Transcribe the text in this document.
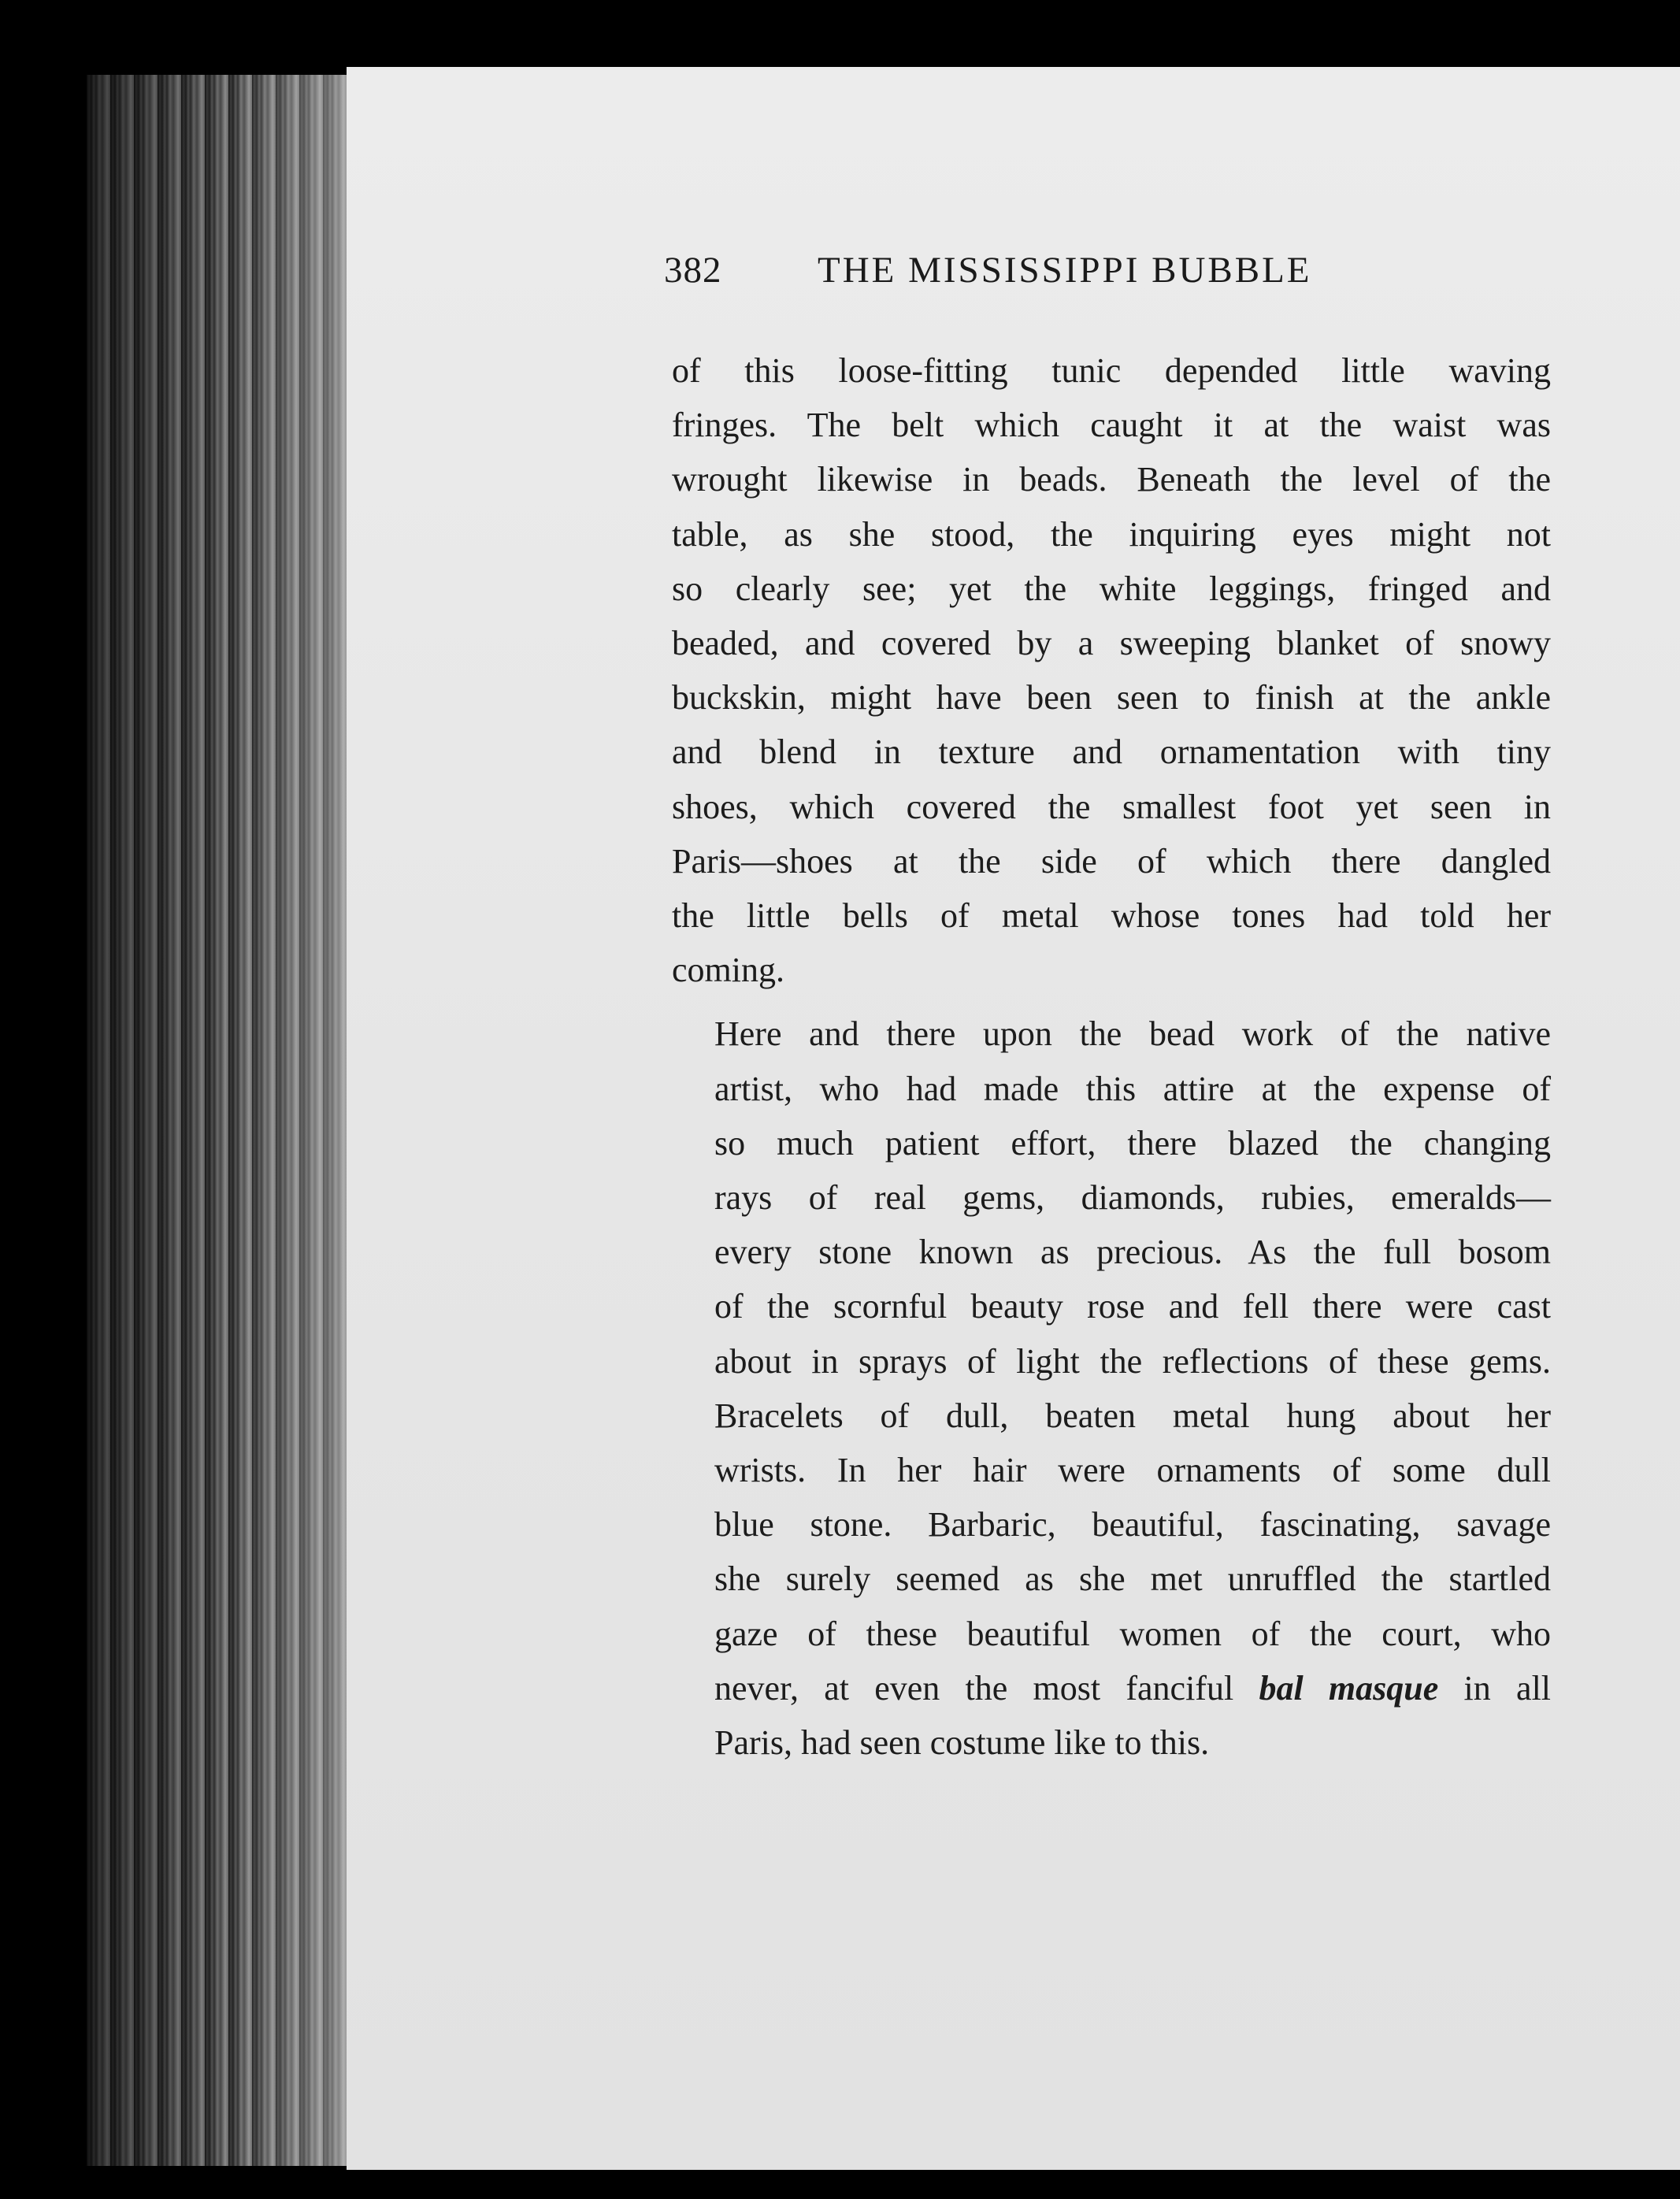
382	THE MISSISSIPPI BUBBLE

of this loose-fitting tunic depended little waving
fringes. The belt which caught it at the waist was
wrought likewise in beads. Beneath the level of the
table, as she stood, the inquiring eyes might not
so clearly see; yet the white leggings, fringed and
beaded, and covered by a sweeping blanket of snowy
buckskin, might have been seen to finish at the ankle
and blend in texture and ornamentation with tiny
shoes, which covered the smallest foot yet seen in
Paris—shoes at the side of which there dangled
the little bells of metal whose tones had told her
coming.

Here and there upon the bead work of the native
artist, who had made this attire at the expense of
so much patient effort, there blazed the changing
rays of real gems, diamonds, rubies, emeralds—
every stone known as precious. As the full bosom
of the scornful beauty rose and fell there were cast
about in sprays of light the reflections of these gems.
Bracelets of dull, beaten metal hung about her
wrists. In her hair were ornaments of some dull
blue stone. Barbaric, beautiful, fascinating, savage
she surely seemed as she met unruffled the startled
gaze of these beautiful women of the court, who
never, at even the most fanciful bal masque in all
Paris, had seen costume like to this.
